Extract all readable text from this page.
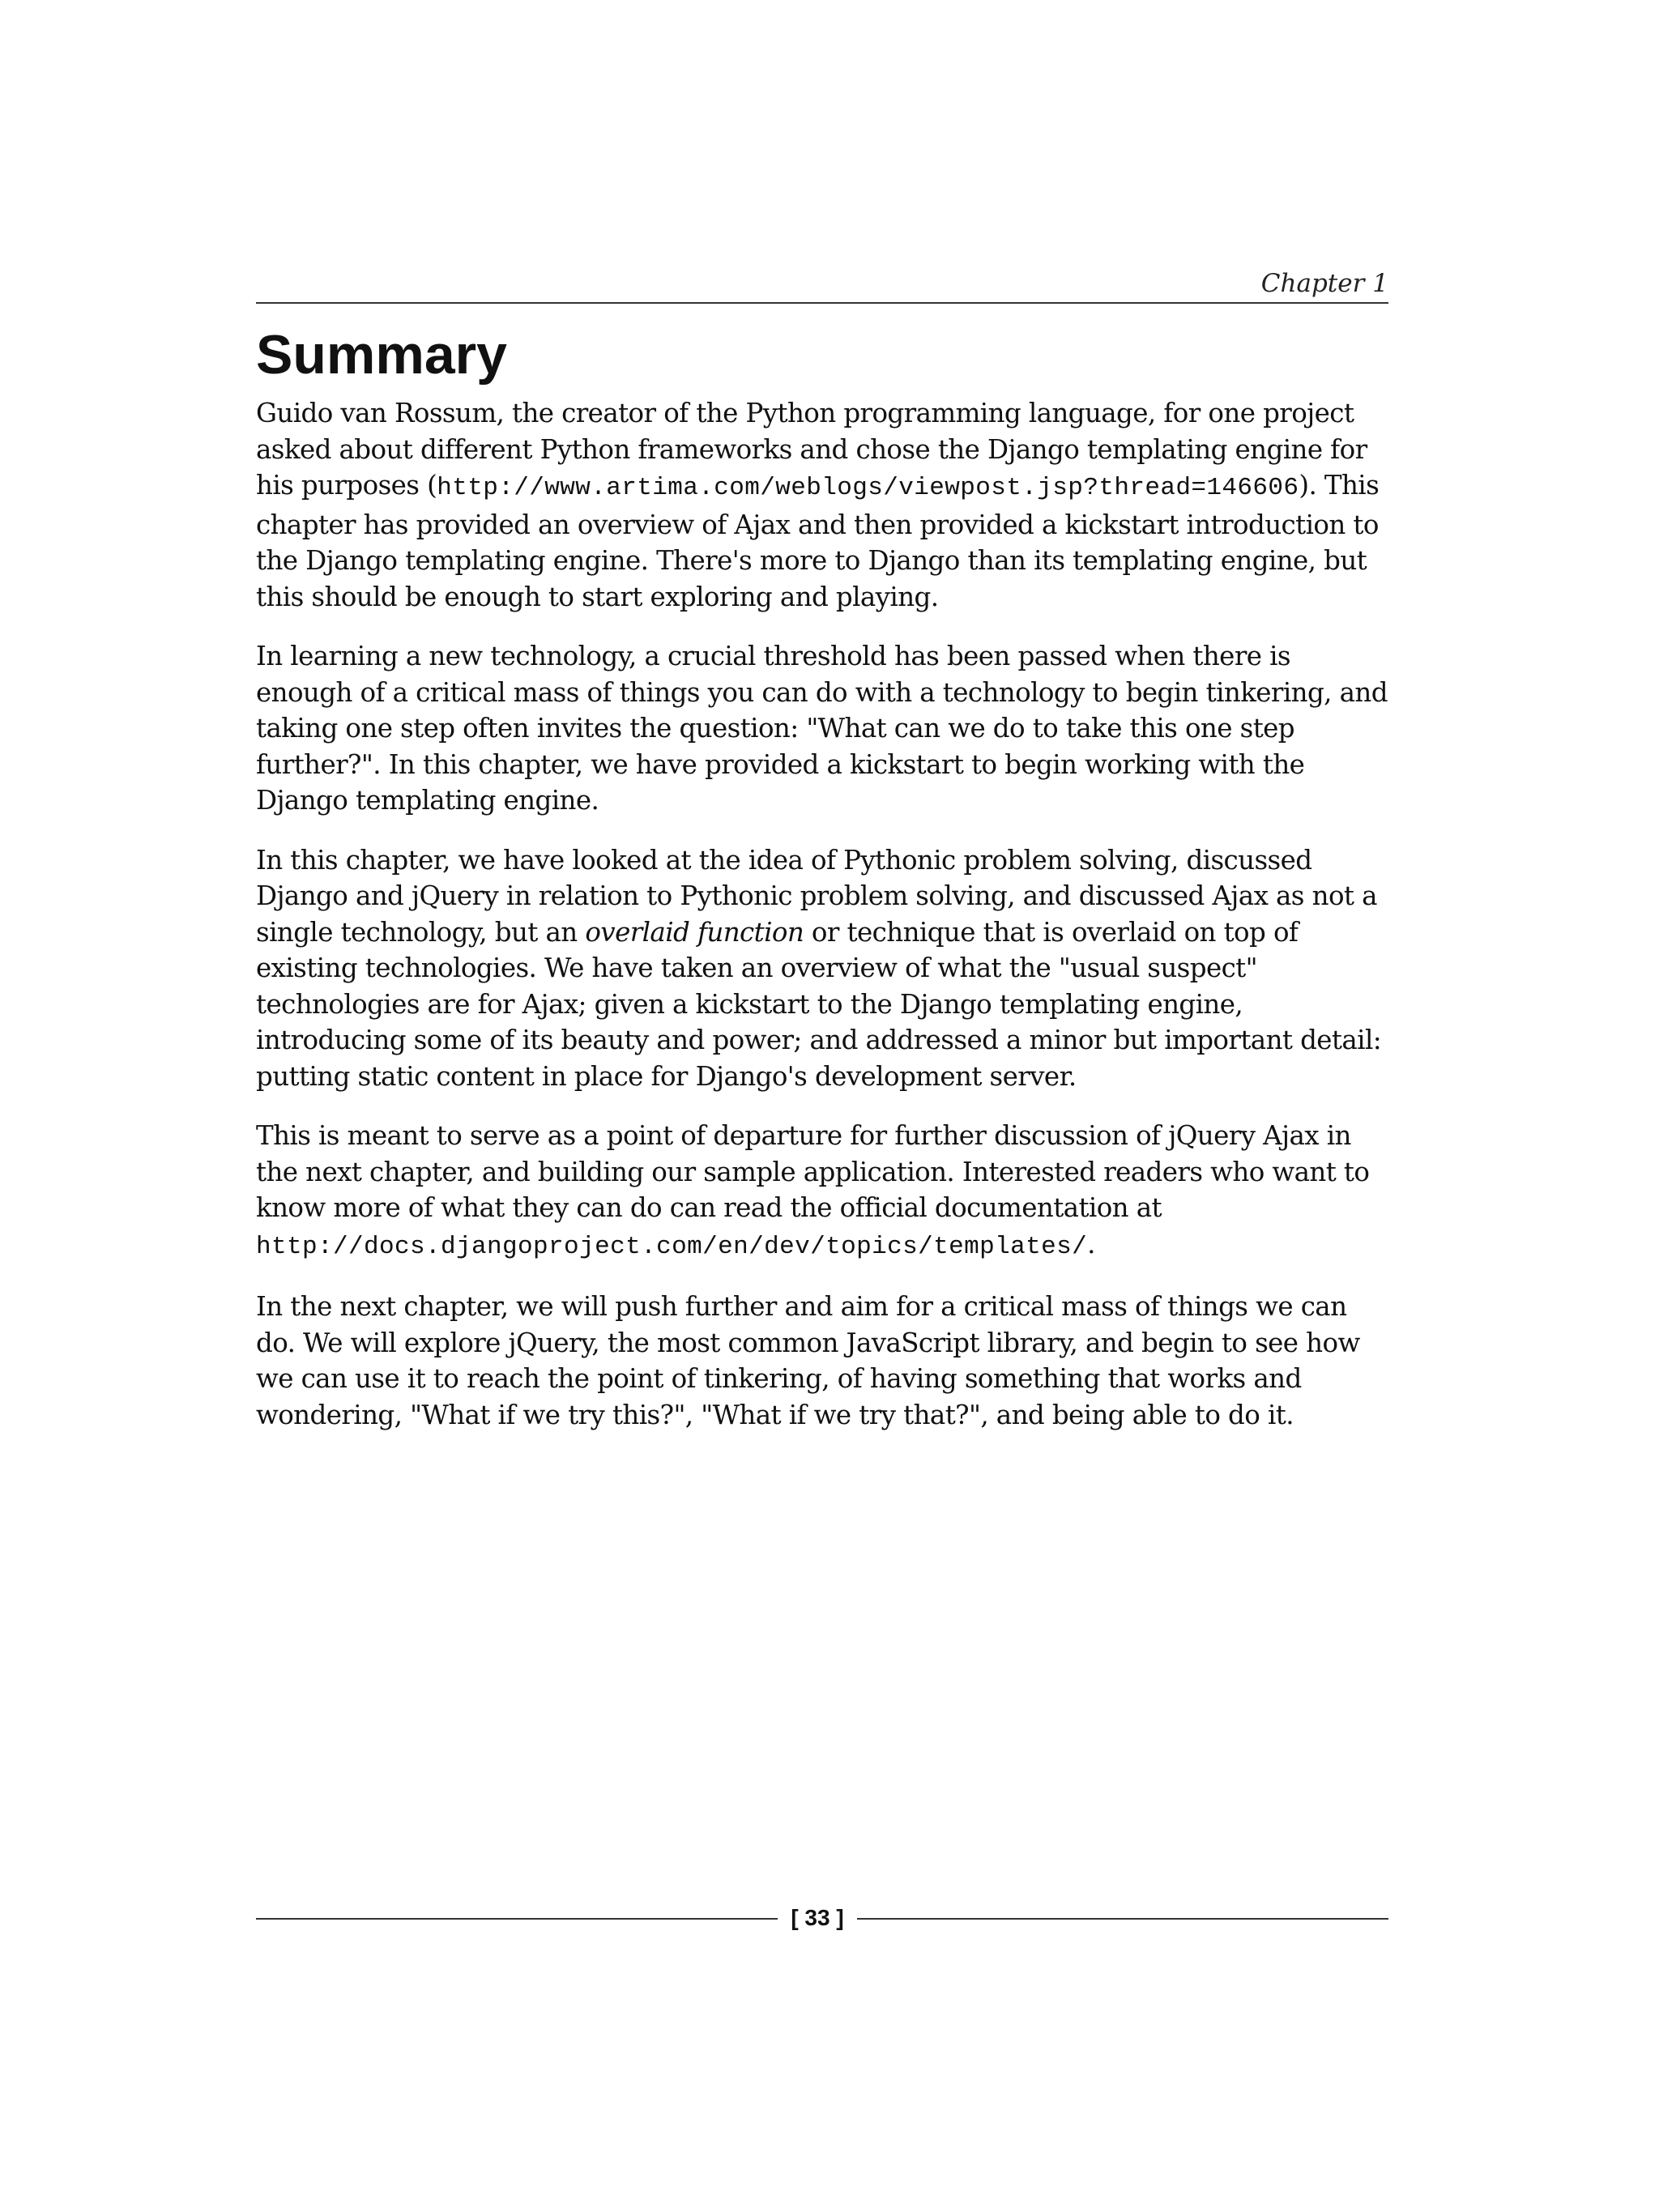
Chapter 1
Summary

Guido van Rossum, the creator of the Python programming language, for one project asked about different Python frameworks and chose the Django templating engine for his purposes (http://www.artima.com/weblogs/viewpost.jsp?thread=146606). This chapter has provided an overview of Ajax and then provided a kickstart introduction to the Django templating engine. There's more to Django than its templating engine, but this should be enough to start exploring and playing.

In learning a new technology, a crucial threshold has been passed when there is enough of a critical mass of things you can do with a technology to begin tinkering, and taking one step often invites the question: "What can we do to take this one step further?". In this chapter, we have provided a kickstart to begin working with the Django templating engine.

In this chapter, we have looked at the idea of Pythonic problem solving, discussed Django and jQuery in relation to Pythonic problem solving, and discussed Ajax as not a single technology, but an overlaid function or technique that is overlaid on top of existing technologies. We have taken an overview of what the "usual suspect" technologies are for Ajax; given a kickstart to the Django templating engine, introducing some of its beauty and power; and addressed a minor but important detail: putting static content in place for Django's development server.

This is meant to serve as a point of departure for further discussion of jQuery Ajax in the next chapter, and building our sample application. Interested readers who want to know more of what they can do can read the official documentation at http://docs.djangoproject.com/en/dev/topics/templates/.

In the next chapter, we will push further and aim for a critical mass of things we can do. We will explore jQuery, the most common JavaScript library, and begin to see how we can use it to reach the point of tinkering, of having something that works and wondering, "What if we try this?", "What if we try that?", and being able to do it.

[ 33 ]
